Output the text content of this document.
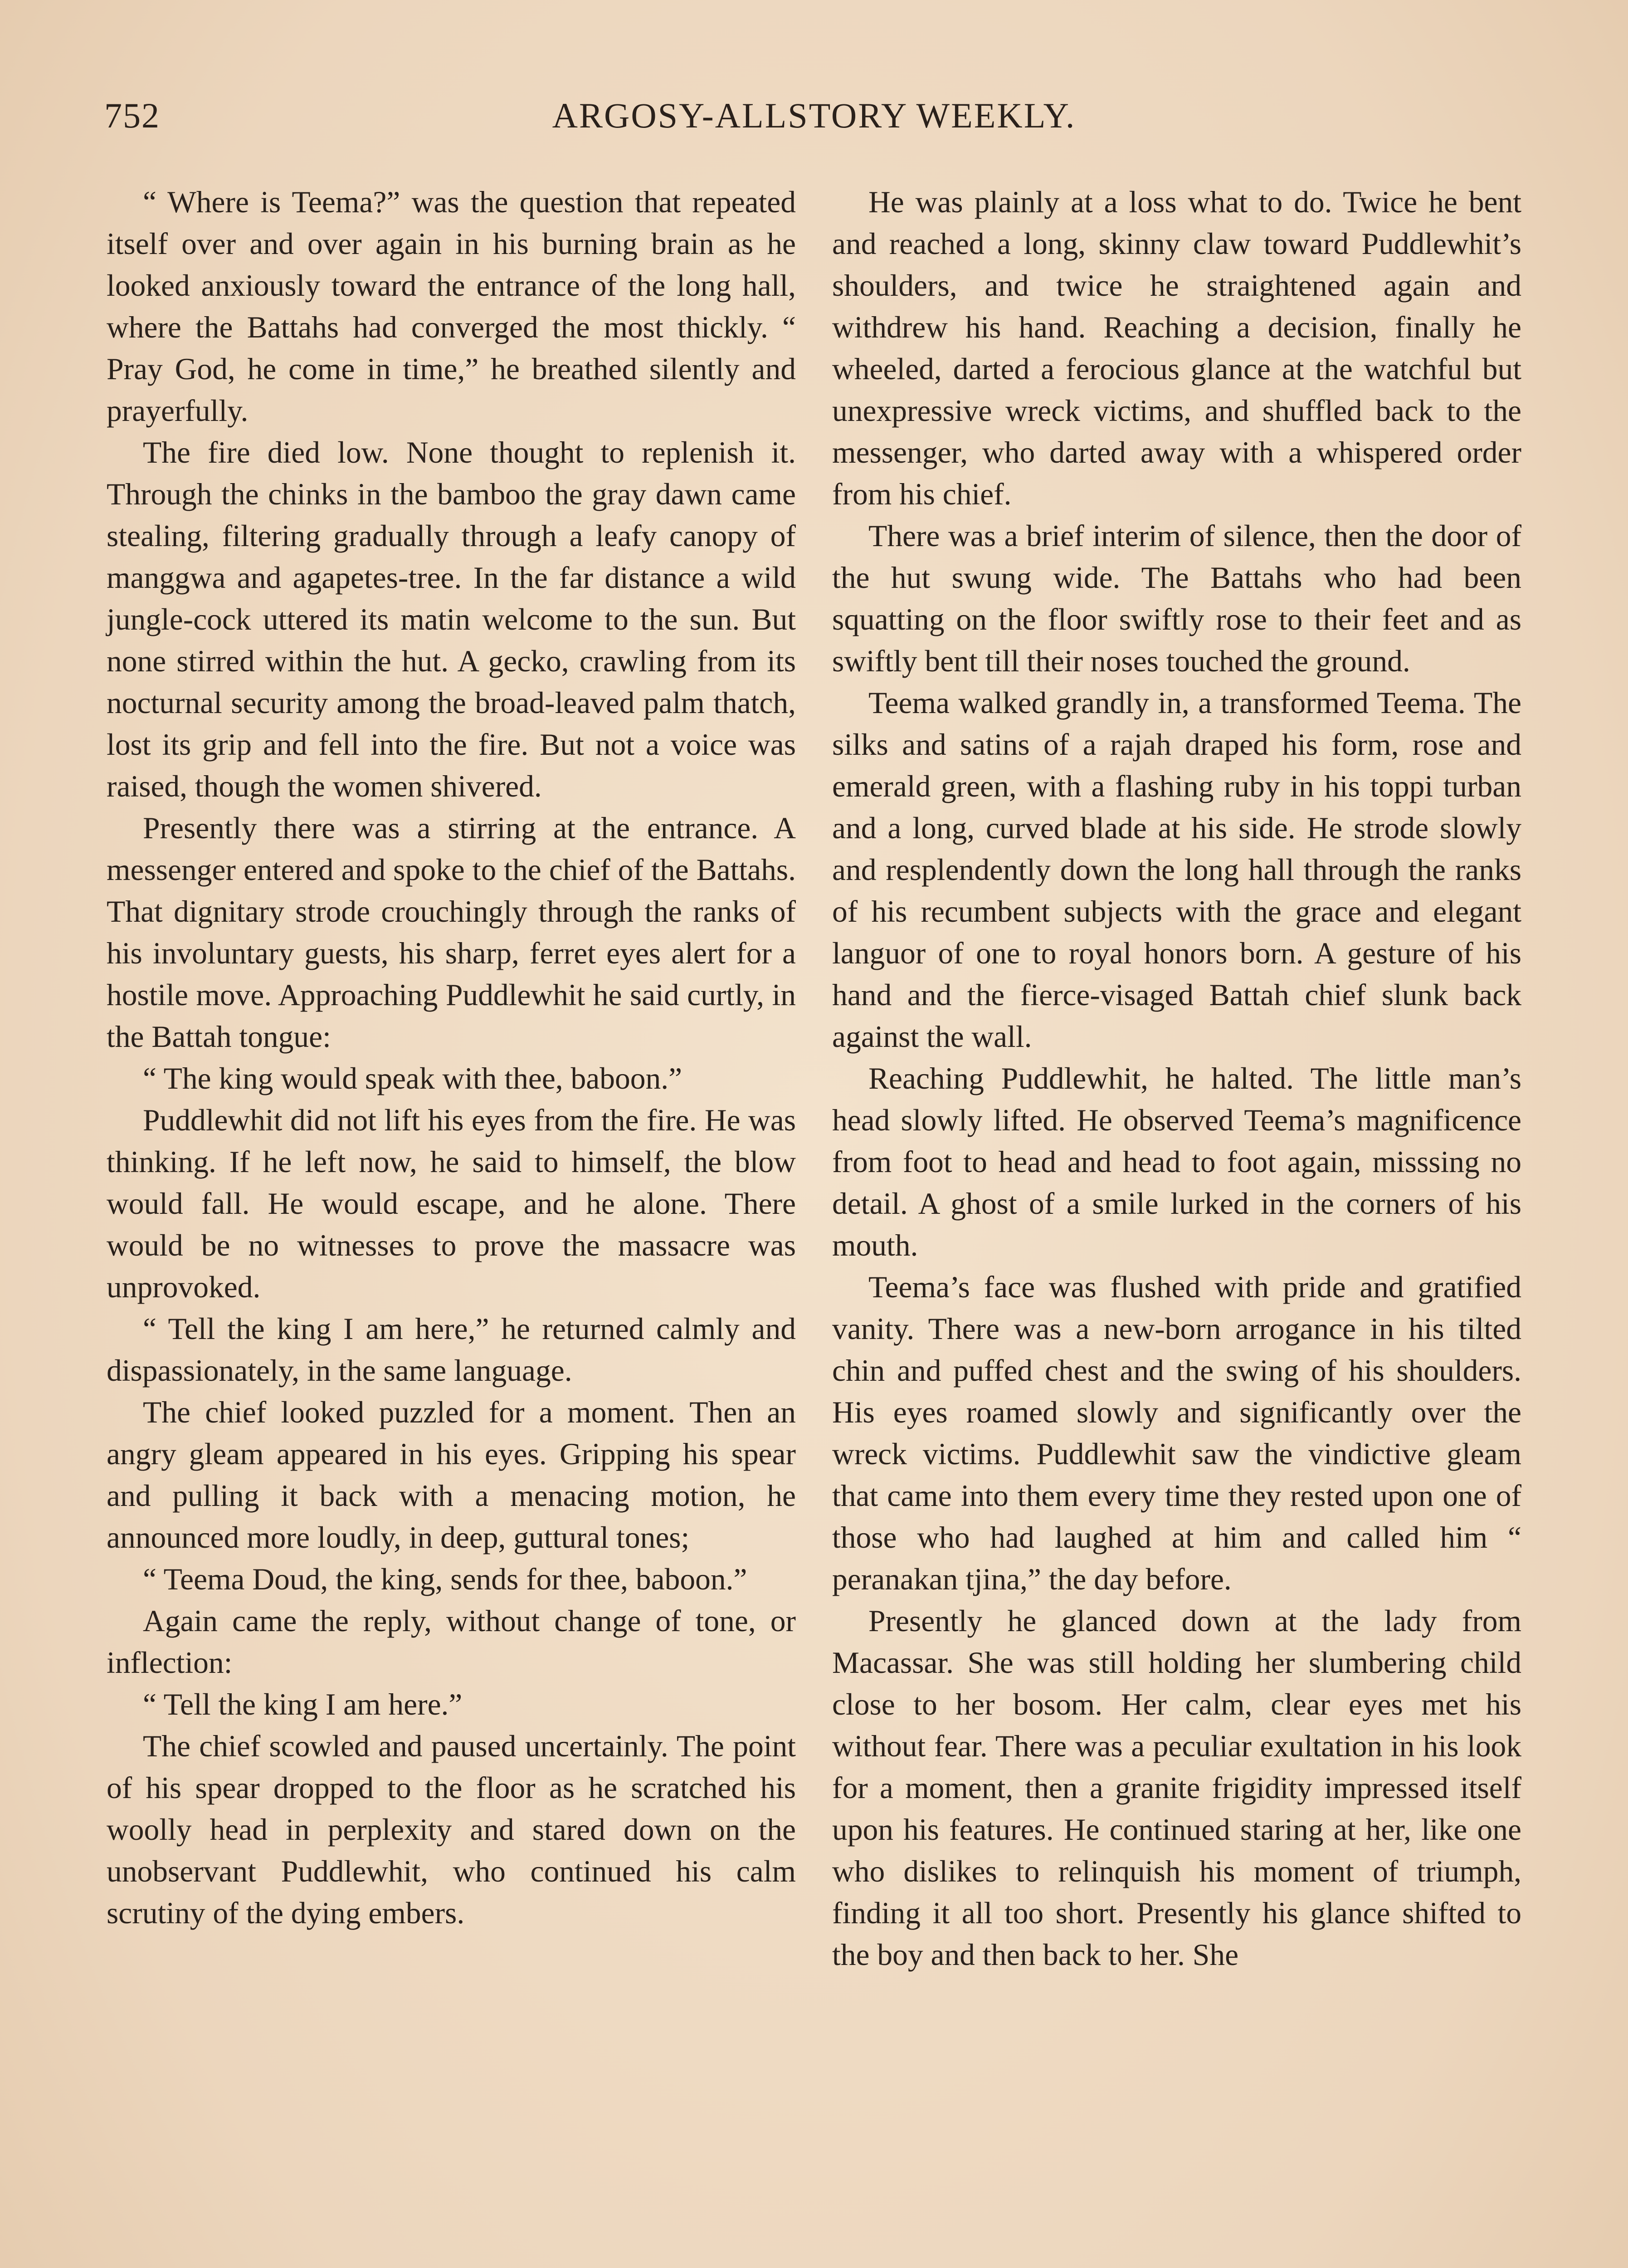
752	ARGOSY-ALLSTORY WEEKLY.

“ Where is Teema?” was the question that repeated itself over and over again in his burning brain as he looked anxiously toward the entrance of the long hall, where the Battahs had converged the most thickly. “ Pray God, he come in time,” he breathed silently and prayerfully.

The fire died low. None thought to replenish it. Through the chinks in the bamboo the gray dawn came stealing, filtering gradually through a leafy canopy of manggwa and agapetes-tree. In the far distance a wild jungle-cock uttered its matin welcome to the sun. But none stirred within the hut. A gecko, crawling from its nocturnal security among the broad-leaved palm thatch, lost its grip and fell into the fire. But not a voice was raised, though the women shivered.

Presently there was a stirring at the entrance. A messenger entered and spoke to the chief of the Battahs. That dignitary strode crouchingly through the ranks of his involuntary guests, his sharp, ferret eyes alert for a hostile move. Approaching Puddlewhit he said curtly, in the Battah tongue:

“ The king would speak with thee, baboon.”

Puddlewhit did not lift his eyes from the fire. He was thinking. If he left now, he said to himself, the blow would fall. He would escape, and he alone. There would be no witnesses to prove the massacre was unprovoked.

“ Tell the king I am here,” he returned calmly and dispassionately, in the same language.

The chief looked puzzled for a moment. Then an angry gleam appeared in his eyes. Gripping his spear and pulling it back with a menacing motion, he announced more loudly, in deep, guttural tones;

“ Teema Doud, the king, sends for thee, baboon.”

Again came the reply, without change of tone, or inflection:

“ Tell the king I am here.”

The chief scowled and paused uncertainly. The point of his spear dropped to the floor as he scratched his woolly head in perplexity and stared down on the unobservant Puddlewhit, who continued his calm scrutiny of the dying embers.

He was plainly at a loss what to do. Twice he bent and reached a long, skinny claw toward Puddlewhit’s shoulders, and twice he straightened again and withdrew his hand. Reaching a decision, finally he wheeled, darted a ferocious glance at the watchful but unexpressive wreck victims, and shuffled back to the messenger, who darted away with a whispered order from his chief.

There was a brief interim of silence, then the door of the hut swung wide. The Battahs who had been squatting on the floor swiftly rose to their feet and as swiftly bent till their noses touched the ground.

Teema walked grandly in, a transformed Teema. The silks and satins of a rajah draped his form, rose and emerald green, with a flashing ruby in his toppi turban and a long, curved blade at his side. He strode slowly and resplendently down the long hall through the ranks of his recumbent subjects with the grace and elegant languor of one to royal honors born. A gesture of his hand and the fierce-visaged Battah chief slunk back against the wall.

Reaching Puddlewhit, he halted. The little man’s head slowly lifted. He observed Teema’s magnificence from foot to head and head to foot again, misssing no detail. A ghost of a smile lurked in the corners of his mouth.

Teema’s face was flushed with pride and gratified vanity. There was a new-born arrogance in his tilted chin and puffed chest and the swing of his shoulders. His eyes roamed slowly and significantly over the wreck victims. Puddlewhit saw the vindictive gleam that came into them every time they rested upon one of those who had laughed at him and called him “ peranakan tjina,” the day before.

Presently he glanced down at the lady from Macassar. She was still holding her slumbering child close to her bosom. Her calm, clear eyes met his without fear. There was a peculiar exultation in his look for a moment, then a granite frigidity impressed itself upon his features. He continued staring at her, like one who dislikes to relinquish his moment of triumph, finding it all too short. Presently his glance shifted to the boy and then back to her. She
